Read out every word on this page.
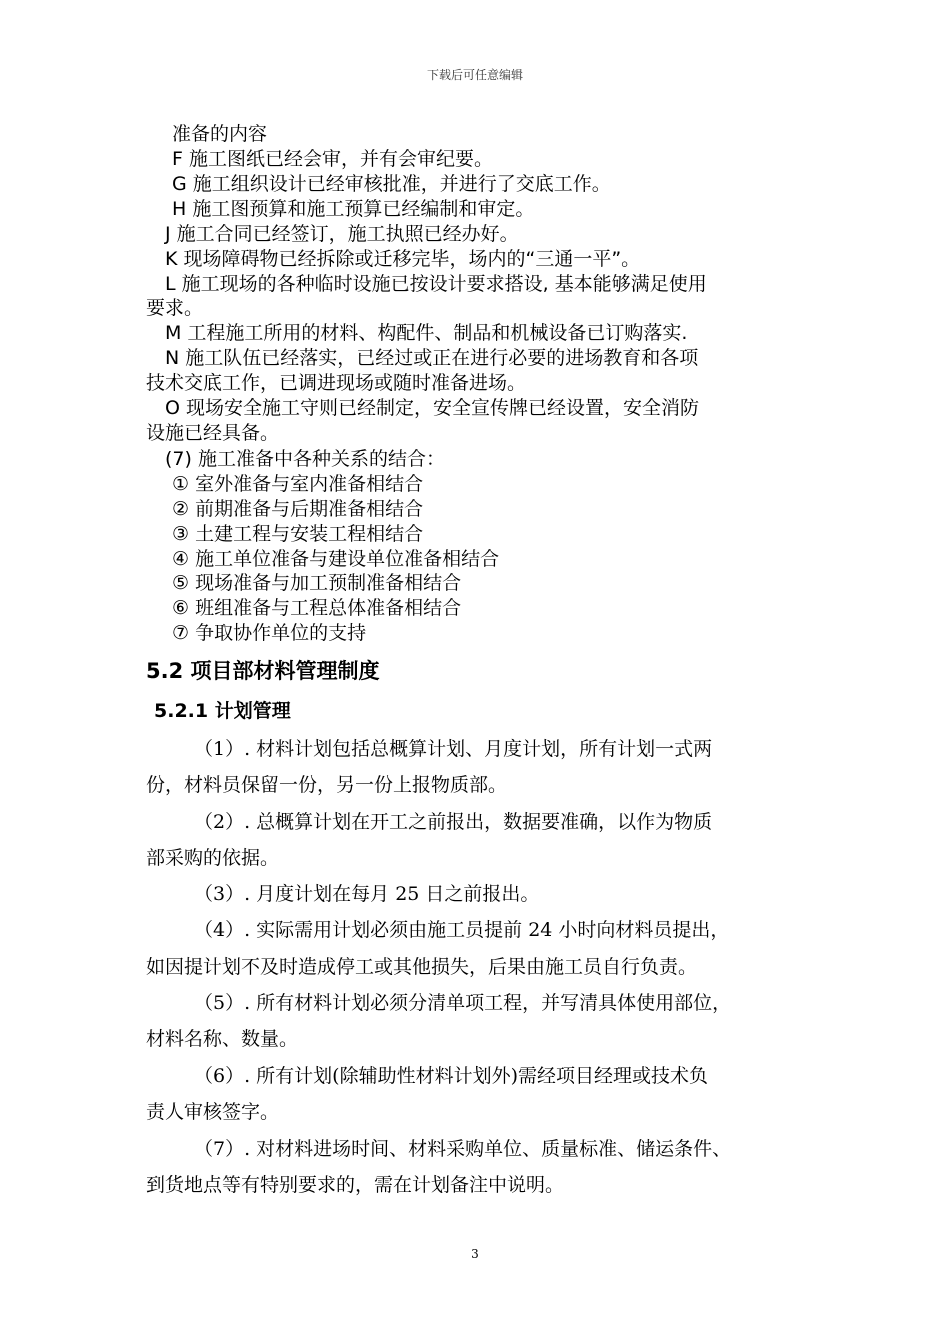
下载后可任意编辑
准备的内容
F 施工图纸已经会审，并有会审纪要。
G 施工组织设计已经审核批准，并进行了交底工作。
H 施工图预算和施工预算已经编制和审定。
J 施工合同已经签订，施工执照已经办好。
K 现场障碍物已经拆除或迁移完毕，场内的“三通一平”。
L 施工现场的各种临时设施已按设计要求搭设, 基本能够满足使用
要求。
M 工程施工所用的材料、构配件、制品和机械设备已订购落实.
N 施工队伍已经落实，已经过或正在进行必要的进场教育和各项
技术交底工作，已调进现场或随时准备进场。
O 现场安全施工守则已经制定，安全宣传牌已经设置，安全消防
设施已经具备。
(7) 施工准备中各种关系的结合：
① 室外准备与室内准备相结合
② 前期准备与后期准备相结合
③ 土建工程与安装工程相结合
④ 施工单位准备与建设单位准备相结合
⑤ 现场准备与加工预制准备相结合
⑥ 班组准备与工程总体准备相结合
⑦ 争取协作单位的支持
5.2 项目部材料管理制度
5.2.1 计划管理
（1）. 材料计划包括总概算计划、月度计划，所有计划一式两
份，材料员保留一份，另一份上报物质部。
（2）. 总概算计划在开工之前报出，数据要准确，以作为物质
部采购的依据。
（3）. 月度计划在每月 25 日之前报出。
（4）. 实际需用计划必须由施工员提前 24 小时向材料员提出，
如因提计划不及时造成停工或其他损失，后果由施工员自行负责。
（5）. 所有材料计划必须分清单项工程，并写清具体使用部位，
材料名称、数量。
（6）. 所有计划(除辅助性材料计划外)需经项目经理或技术负
责人审核签字。
（7）. 对材料进场时间、材料采购单位、质量标准、储运条件、
到货地点等有特别要求的，需在计划备注中说明。
3
